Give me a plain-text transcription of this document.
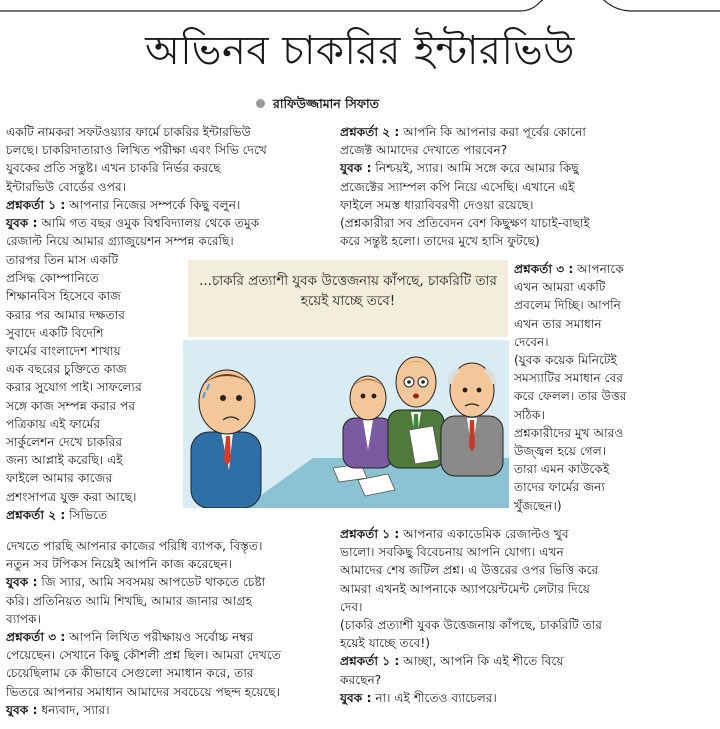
অভিনব চাকরির ইন্টারভিউ
রাফিউজ্জামান সিফাত

একটি নামকরা সফটওয়্যার ফার্মে চাকরির ইন্টারভিউ

চলছে। চাকরিদাতারাও লিখিত পরীক্ষা এবং সিভি দেখে

যুবকের প্রতি সন্তুষ্ট। এখন চাকরি নির্ভর করছে

ইন্টারভিউ বোর্ডের ওপর।

প্রশ্নকর্তা ১ : আপনার নিজের সম্পর্কে কিছু বলুন।

যুবক : আমি গত বছর ওমুক বিশ্ববিদ্যালয় থেকে তমুক

রেজাল্ট নিয়ে আমার গ্র্যাজুয়েশন সম্পন্ন করেছি।

তারপর তিন মাস একটি

প্রসিদ্ধ কোম্পানিতে

শিক্ষানবিস হিসেবে কাজ

করার পর আমার দক্ষতার

সুবাদে একটি বিদেশি

ফার্মের বাংলাদেশ শাখায়

এক বছরের চুক্তিতে কাজ

করার সুযোগ পাই। সাফল্যের

সঙ্গে কাজ সম্পন্ন করার পর

পত্রিকায় এই ফার্মের

সার্কুলেশন দেখে চাকরির

জন্য আপ্লাই করেছি। এই

ফাইলে আমার কাজের

প্রশংসাপত্র যুক্ত করা আছে।

প্রশ্নকর্তা ২ : সিভিতে

দেখতে পারছি আপনার কাজের পরিধি ব্যাপক, বিস্তৃত।

নতুন সব টপিকস নিয়েই আপনি কাজ করেছেন।

যুবক : জি স্যার, আমি সবসময় আপডেট থাকতে চেষ্টা

করি। প্রতিনিয়ত আমি শিখছি, আমার জানার আগ্রহ

ব্যাপক।

প্রশ্নকর্তা ৩ : আপনি লিখিত পরীক্ষায়ও সর্বোচ্চ নম্বর

পেয়েছেন। সেখানে কিছু কৌশলী প্রশ্ন ছিল। আমরা দেখতে

চেয়েছিলাম কে কীভাবে সেগুলো সমাধান করে, তার

ভিতরে আপনার সমাধান আমাদের সবচেয়ে পছন্দ হয়েছে।

যুবক : ধন্যবাদ, স্যার।

প্রশ্নকর্তা ২ : আপনি কি আপনার করা পূর্বের কোনো

প্রজেক্ট আমাদের দেখাতে পারবেন?

যুবক : নিশ্চয়ই, স্যার। আমি সঙ্গে করে আমার কিছু

প্রজেক্টের স্যাম্পল কপি নিয়ে এসেছি। এখানে এই

ফাইলে সমস্ত ধারাবিবরণী দেওয়া রয়েছে।

(প্রশ্নকারীরা সব প্রতিবেদন বেশ কিছুক্ষণ যাচাই-বাছাই

করে সন্তুষ্ট হলো। তাদের মুখে হাসি ফুটছে)

প্রশ্নকর্তা ৩ : আপনাকে

এখন আমরা একটি

প্রবলেম দিচ্ছি। আপনি

এখন তার সমাধান

দেবেন।

(যুবক কয়েক মিনিটেই

সমস্যাটির সমাধান বের

করে ফেলল। তার উত্তর

সঠিক।

প্রশ্নকারীদের মুখ আরও

উজ্জ্বল হয়ে গেল।

তারা এমন কাউকেই

তাদের ফার্মের জন্য

খুঁজছেন।)

প্রশ্নকর্তা ১ : আপনার একাডেমিক রেজাল্টও খুব

ভালো। সবকিছু বিবেচনায় আপনি যোগ্য। এখন

আমাদের শেষ জটিল প্রশ্ন। এ উত্তরের ওপর ভিত্তি করে

আমরা এখনই আপনাকে অ্যাপয়েন্টমেন্ট লেটার দিয়ে

দেব।

(চাকরি প্রত্যাশী যুবক উত্তেজনায় কাঁপছে, চাকরিটি তার

হয়েই যাচ্ছে তবে!)

প্রশ্নকর্তা ১ : আচ্ছা, আপনি কি এই শীতে বিয়ে

করছেন?

যুবক : না। এই শীতেও ব্যাচেলর।

...চাকরি প্রত্যাশী যুবক উত্তেজনায় কাঁপছে, চাকরিটি তার হয়েই যাচ্ছে তবে!
